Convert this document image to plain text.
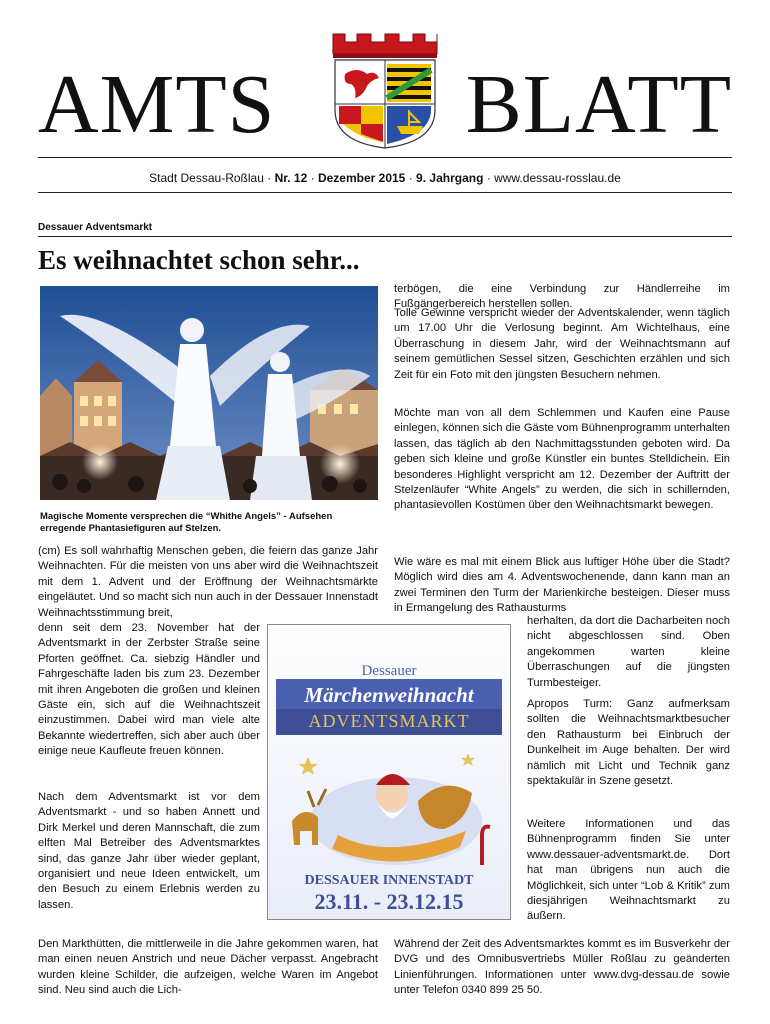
AMTS BLATT
Stadt Dessau-Roßlau · Nr. 12 · Dezember 2015 · 9. Jahrgang · www.dessau-rosslau.de
Dessauer Adventsmarkt
Es weihnachtet schon sehr...
Magische Momente versprechen die “Whithe Angels” - Aufsehen erregende Phantasiefiguren auf Stelzen.
(cm) Es soll wahrhaftig Menschen geben, die feiern das ganze Jahr Weihnachten. Für die meisten von uns aber wird die Weihnachtszeit mit dem 1. Advent und der Eröffnung der Weihnachtsmärkte eingeläutet. Und so macht sich nun auch in der Dessauer Innenstadt Weihnachtsstimmung breit,
denn seit dem 23. November hat der Adventsmarkt in der Zerbster Straße seine Pforten geöffnet. Ca. siebzig Händler und Fahrgeschäfte laden bis zum 23. Dezember mit ihren Angeboten die großen und kleinen Gäste ein, sich auf die Weihnachtszeit einzustimmen. Dabei wird man viele alte Bekannte wiedertreffen, sich aber auch über einige neue Kaufleute freuen können.
Nach dem Adventsmarkt ist vor dem Adventsmarkt - und so haben Annett und Dirk Merkel und deren Mannschaft, die zum elften Mal Betreiber des Adventsmarktes sind, das ganze Jahr über wieder geplant, organisiert und neue Ideen entwickelt, um den Besuch zu einem Erlebnis werden zu lassen.
Den Markthütten, die mittlerweile in die Jahre gekommen waren, hat man einen neuen Anstrich und neue Dächer verpasst. Angebracht wurden kleine Schilder, die aufzeigen, welche Waren im Angebot sind. Neu sind auch die Lich-
Dessauer
Märchenweihnacht
ADVENTSMARKT
DESSAUER INNENSTADT
23.11. - 23.12.15
terbögen, die eine Verbindung zur Händlerreihe im Fußgängerbereich herstellen sollen.
Tolle Gewinne verspricht wieder der Adventskalender, wenn täglich um 17.00 Uhr die Verlosung beginnt. Am Wichtelhaus, eine Überraschung in diesem Jahr, wird der Weihnachtsmann auf seinem gemütlichen Sessel sitzen, Geschichten erzählen und sich Zeit für ein Foto mit den jüngsten Besuchern nehmen.
Möchte man von all dem Schlemmen und Kaufen eine Pause einlegen, können sich die Gäste vom Bühnenprogramm unterhalten lassen, das täglich ab den Nachmittagsstunden geboten wird. Da geben sich kleine und große Künstler ein buntes Stelldichein. Ein besonderes Highlight verspricht am 12. Dezember der Auftritt der Stelzenläufer “White Angels” zu werden, die sich in schillernden, phantasievollen Kostümen über den Weihnachtsmarkt bewegen.
Wie wäre es mal mit einem Blick aus luftiger Höhe über die Stadt? Möglich wird dies am 4. Adventswochenende, dann kann man an zwei Terminen den Turm der Marienkirche besteigen. Dieser muss in Ermangelung des Rathausturms
herhalten, da dort die Dacharbeiten noch nicht abgeschlossen sind. Oben angekommen warten kleine Überraschungen auf die jüngsten Turmbesteiger.
Apropos Turm: Ganz aufmerksam sollten die Weihnachtsmarktbesucher den Rathausturm bei Einbruch der Dunkelheit im Auge behalten. Der wird nämlich mit Licht und Technik ganz spektakulär in Szene gesetzt.
Weitere Informationen und das Bühnenprogramm finden Sie unter www.dessauer-adventsmarkt.de. Dort hat man übrigens nun auch die Möglichkeit, sich unter “Lob & Kritik” zum diesjährigen Weihnachtsmarkt zu äußern.
Während der Zeit des Adventsmarktes kommt es im Busverkehr der DVG und des Omnibusvertriebs Müller Roßlau zu geänderten Linienführungen. Informationen unter www.dvg-dessau.de sowie unter Telefon 0340 899 25 50.
